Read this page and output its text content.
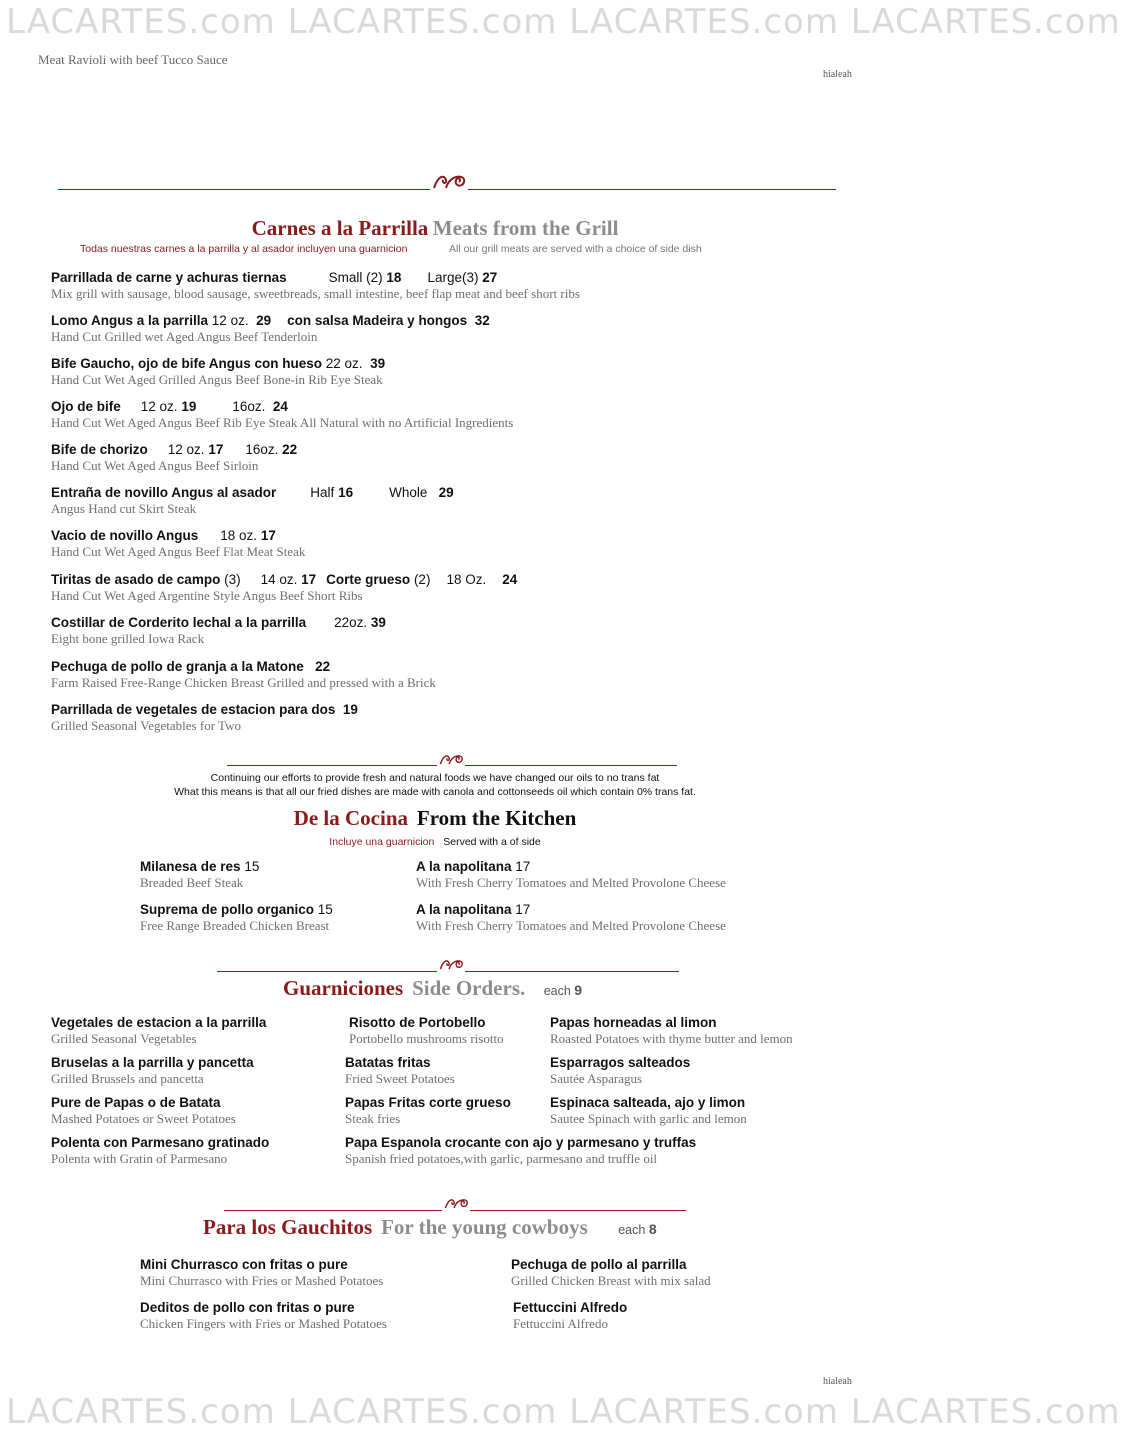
LACARTES.com LACARTES.com LACARTES.com LACARTES.com
LACARTES.com LACARTES.com LACARTES.com LACARTES.com
Meat Ravioli with beef Tucco Sauce
hialeah
Carnes a la Parrilla Meats from the Grill
Todas nuestras carnes a la parrilla y al asador incluyen una guarnicion	All our grill meats are served with a choice of side dish
Parrillada de carne y achuras tiernas	Small (2) 18 Large(3) 27
Mix grill with sausage, blood sausage, sweetbreads, small intestine, beef flap meat and beef short ribs
Lomo Angus a la parrilla 12 oz. 29 con salsa Madeira y hongos 32
Hand Cut Grilled wet Aged Angus Beef Tenderloin
Bife Gaucho, ojo de bife Angus con hueso 22 oz. 39
Hand Cut Wet Aged Grilled Angus Beef Bone-in Rib Eye Steak
Ojo de bife 12 oz. 19	16oz. 24
Hand Cut Wet Aged Angus Beef Rib Eye Steak All Natural with no Artificial Ingredients
Bife de chorizo 12 oz. 17 16oz. 22
Hand Cut Wet Aged Angus Beef Sirloin
Entraña de novillo Angus al asador	Half 16	Whole 29
Angus Hand cut Skirt Steak
Vacio de novillo Angus 18 oz. 17
Hand Cut Wet Aged Angus Beef Flat Meat Steak
Tiritas de asado de campo (3) 14 oz. 17 Corte grueso (2) 18 Oz. 24
Hand Cut Wet Aged Argentine Style Angus Beef Short Ribs
Costillar de Corderito lechal a la parrilla 22oz. 39
Eight bone grilled Iowa Rack
Pechuga de pollo de granja a la Matone 22
Farm Raised Free-Range Chicken Breast Grilled and pressed with a Brick
Parrillada de vegetales de estacion para dos 19
Grilled Seasonal Vegetables for Two
Continuing our efforts to provide fresh and natural foods we have changed our oils to no trans fat
What this means is that all our fried dishes are made with canola and cottonseeds oil which contain 0% trans fat.
De la Cocina From the Kitchen
Incluye una guarnicion Served with a of side
Milanesa de res 15
Breaded Beef Steak
A la napolitana 17
With Fresh Cherry Tomatoes and Melted Provolone Cheese
Suprema de pollo organico 15
Free Range Breaded Chicken Breast
A la napolitana 17
With Fresh Cherry Tomatoes and Melted Provolone Cheese
Guarniciones Side Orders. each 9
Vegetales de estacion a la parrilla
Grilled Seasonal Vegetables
Risotto de Portobello
Portobello mushrooms risotto
Papas horneadas al limon
Roasted Potatoes with thyme butter and lemon
Bruselas a la parrilla y pancetta
Grilled Brussels and pancetta
Batatas fritas
Fried Sweet Potatoes
Esparragos salteados
Sautée Asparagus
Pure de Papas o de Batata
Mashed Potatoes or Sweet Potatoes
Papas Fritas corte grueso
Steak fries
Espinaca salteada, ajo y limon
Sautee Spinach with garlic and lemon
Polenta con Parmesano gratinado
Polenta with Gratin of Parmesano
Papa Espanola crocante con ajo y parmesano y truffas
Spanish fried potatoes,with garlic, parmesano and truffle oil
Para los Gauchitos For the young cowboys each 8
Mini Churrasco con fritas o pure
Mini Churrasco with Fries or Mashed Potatoes
Pechuga de pollo al parrilla
Grilled Chicken Breast with mix salad
Deditos de pollo con fritas o pure
Chicken Fingers with Fries or Mashed Potatoes
Fettuccini Alfredo
Fettuccini Alfredo
hialeah
